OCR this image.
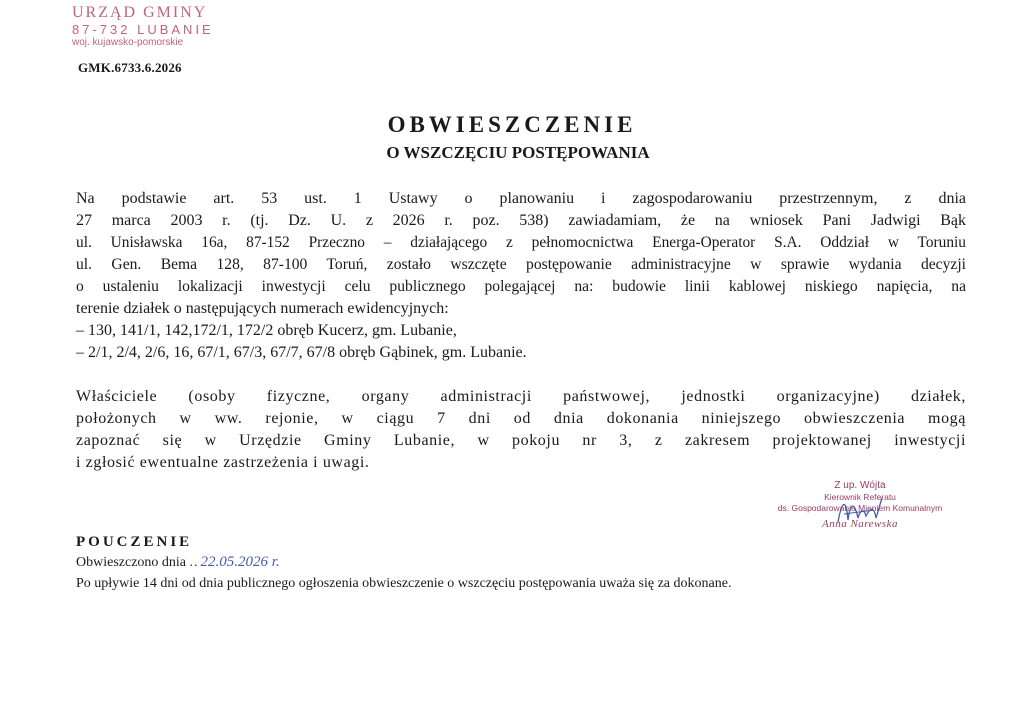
URZĄD GMINY
87-732 LUBANIE
woj. kujawsko-pomorskie
GMK.6733.6.2026
OBWIESZCZENIE
O WSZCZĘCIU POSTĘPOWANIA
Na podstawie art. 53 ust. 1 Ustawy o planowaniu i zagospodarowaniu przestrzennym, z dnia
27 marca 2003 r. (tj. Dz. U. z 2026 r. poz. 538) zawiadamiam, że na wniosek Pani Jadwigi Bąk
ul. Unisławska 16a, 87-152 Przeczno – działającego z pełnomocnictwa Energa-Operator S.A. Oddział w Toruniu
ul. Gen. Bema 128, 87-100 Toruń, zostało wszczęte postępowanie administracyjne w sprawie wydania decyzji
o ustaleniu lokalizacji inwestycji celu publicznego polegającej na: budowie linii kablowej niskiego napięcia, na
terenie działek o następujących numerach ewidencyjnych:
– 130, 141/1, 142,172/1, 172/2 obręb Kucerz, gm. Lubanie,
– 2/1, 2/4, 2/6, 16, 67/1, 67/3, 67/7, 67/8 obręb Gąbinek, gm. Lubanie.
Właściciele (osoby fizyczne, organy administracji państwowej, jednostki organizacyjne) działek,
położonych w ww. rejonie, w ciągu 7 dni od dnia dokonania niniejszego obwieszczenia mogą
zapoznać się w Urzędzie Gminy Lubanie, w pokoju nr 3, z zakresem projektowanej inwestycji
i zgłosić ewentualne zastrzeżenia i uwagi.
Z up. Wójta
Kierownik Referatu
ds. Gospodarowania Mieniem Komunalnym
Anna Narewska
POUCZENIE
Obwieszczono dnia .. 22.05.2026 r.
Po upływie 14 dni od dnia publicznego ogłoszenia obwieszczenie o wszczęciu postępowania uważa się za dokonane.
